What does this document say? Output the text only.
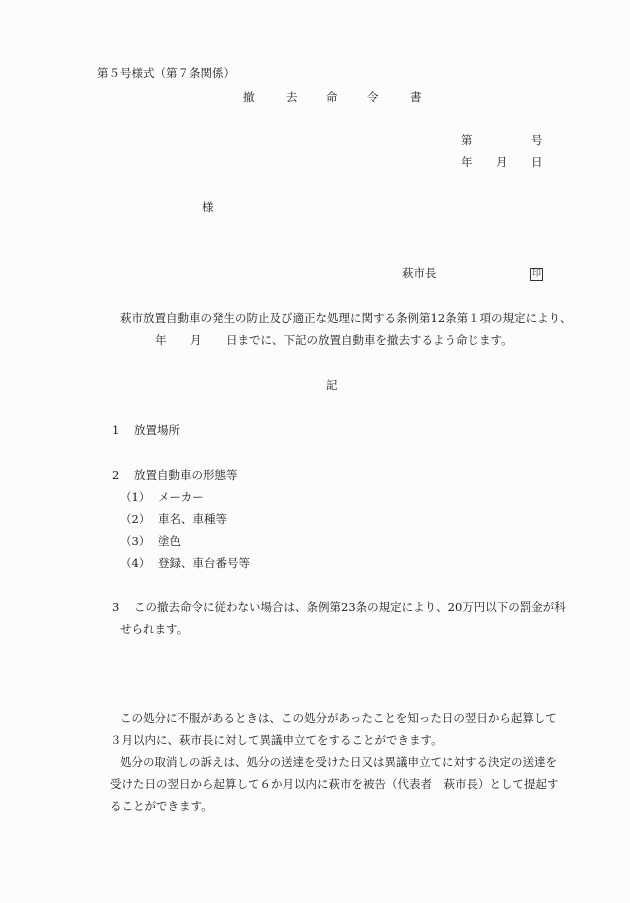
第５号様式（第７条関係）
撤	去 命	令	書
第	号
年 月 日
様
萩市長	印
萩市放置自動車の発生の防止及び適正な処理に関する条例第12条第１項の規定により、
年 月 日までに、下記の放置自動車を撤去するよう命じます。
記
1 放置場所
2 放置自動車の形態等
（1） メーカー
（2） 車名、車種等
（3） 塗色
（4） 登録、車台番号等
3 この撤去命令に従わない場合は、条例第23条の規定により、20万円以下の罰金が科
せられます。
この処分に不服があるときは、この処分があったことを知った日の翌日から起算して
３月以内に、萩市長に対して異議申立てをすることができます。
処分の取消しの訴えは、処分の送達を受けた日又は異議申立てに対する決定の送達を
受けた日の翌日から起算して６か月以内に萩市を被告（代表者　萩市長）として提起す
ることができます。
